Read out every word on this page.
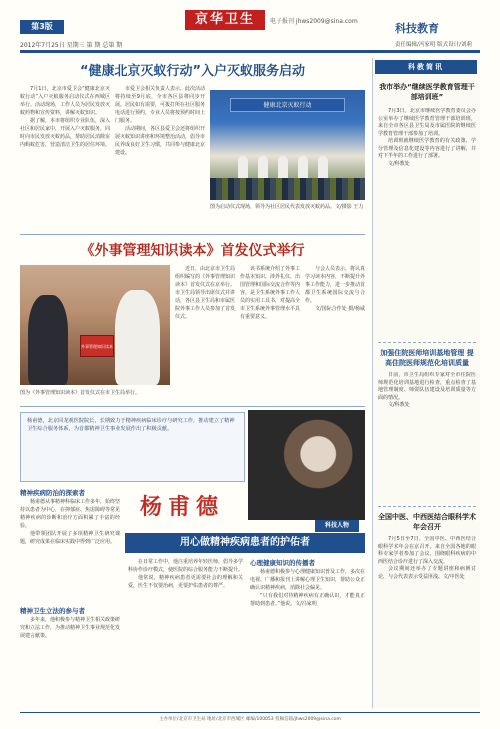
第3版	京华卫生	电子报刊 jhws2009@sina.com
2012年7月25日 星期三 第 期 总第 期
科技教育
责任编辑/冯家明 版式设计/刘莉
“健康北京灭蚁行动”入户灭蚁服务启动

7月1日，北京市爱卫会“健康北京灭蚁行动”入户灭蚁服务启动仪式在西城区举行。活动现场，工作人员为居民发放灭蚁药物和宣传资料，讲解灭蚁知识。

据了解，本市将组织专业队伍，深入社区和居民家中，开展入户灭蚁服务，同时向市民发放灭蚁药品，帮助居民消除室内蚂蚁危害，营造清洁卫生的居住环境。

市爱卫会相关负责人表示，此次活动将持续至9月底，全市各区县将同步开展。居民如有需要，可拨打所在社区服务电话进行预约，专业人员将按预约时间上门服务。

活动期间，各区县爱卫会还将组织开展灭蚁知识讲座和环境整治活动，倡导市民养成良好卫生习惯，共同参与健康北京建设。

健康北京灭蚁行动
图为启动仪式现场，领导为社区居民代表发放灭蚁药品。文/摄影 王力
《外事管理知识读本》首发仪式举行
外事管理知识读本
图为《外事管理知识读本》首发仪式在市卫生局举行。

近日，由北京市卫生局组织编写的《外事管理知识读本》首发仪式在京举行。市卫生局领导出席仪式并讲话，各区县卫生局和市属医院外事工作人员参加了首发仪式。

该书系统介绍了外事工作基本知识、涉外礼仪、出国管理和国际交流合作等内容，是卫生系统外事工作人员的实用工具书，对提高全市卫生系统外事管理水平具有重要意义。

与会人员表示，将认真学习读本内容，不断提升外事工作能力，进一步推动首都卫生系统国际交流与合作。

文/国际合作处 摄/杨威

杨甫德，北京回龙观医院院长，长期致力于精神疾病临床诊疗与研究工作，推动建立了精神卫生综合服务体系，为首都精神卫生事业发展作出了积极贡献。
杨甫德
科技人物
用心做精神疾病患者的护佑者
精神疾病防治的探索者

杨甫德从事精神科临床工作多年，始终坚持以患者为中心，在抑郁症、焦虑障碍等常见精神疾病的诊断和治疗方面积累了丰富的经验。

他带领团队开展了多项精神卫生研究课题，研究成果在临床实践中得到广泛应用。

精神卫生立法的参与者

多年来，他积极参与精神卫生相关政策研究和立法工作，为推动精神卫生事业规范化发展建言献策。

在日常工作中，他注重培养年轻医师，倡导多学科协作诊疗模式，使医院的综合服务能力不断提升。

他常说，精神疾病患者更需要社会的理解和关爱，医生不仅要治病，更要护佑患者的尊严。

心理健康知识的传播者

杨甫德积极参与心理健康知识普及工作，多次在电视、广播和报刊上讲解心理卫生知识，帮助公众正确认识精神疾病，消除社会偏见。

“只有我们对待精神疾病有正确认识，才能真正帮助到患者。”他说。文/冯家明

科教简讯
我市举办“继续医学教育管理干部培训班”

7月3日，北京市继续医学教育委员会办公室举办了继续医学教育管理干部培训班，来自全市各区县卫生局及市属医院的继续医学教育管理干部参加了培训。

培训班就继续医学教育的有关政策、学分管理及信息化建设等内容进行了讲解，并对下半年的工作进行了部署。

文/科教处

加强住院医师培训基地管理 提高住院医师规范化培训质量

日前，市卫生局组织专家对全市住院医师规范化培训基地进行检查，重点检查了基地管理制度、师资队伍建设及培训质量等方面的情况。

文/科教处

全国中医、中西医结合眼科学术年会召开

7月5日至7日，全国中医、中西医结合眼科学术年会在京召开。来自全国各地的眼科专家学者参加了会议，围绕眼科疾病的中西医结合诊疗进行了深入交流。

会议期间还举办了专题讲座和病例讨论，与会代表表示受益匪浅。文/中医处

主办单位/北京市卫生局 地址/北京市西城区 邮编/100053 投稿信箱/jhws2009@sina.com
